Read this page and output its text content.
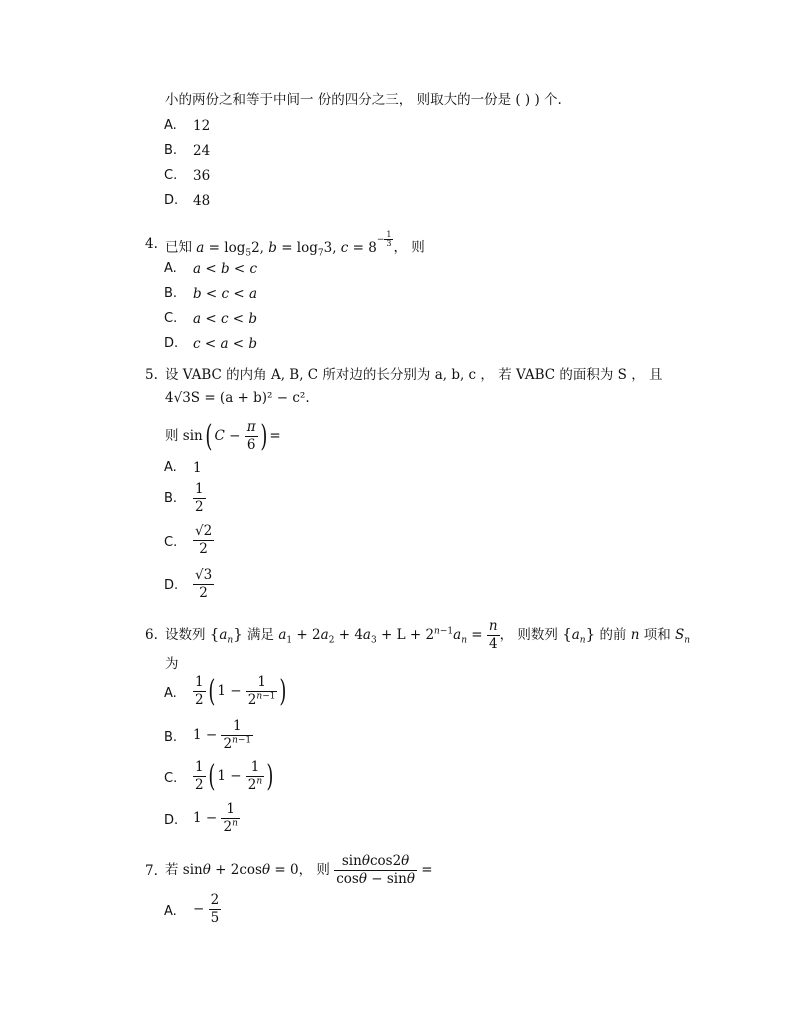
小的两份之和等于中间一 份的四分之三， 则取大的一份是 ( ) ) 个.
A. 12
B. 24
C. 36
D. 48
4. 已知 $a = \log_52$, $b = \log_73$, $c = 8^{- \frac{1}{3}}$ ， 则
A. a < b < c
B. b < c < a
C. a < c < b
D. c < a < b
5. 设 VABC 的内角 A, B, C 所对边的长分别为 a, b, c ， 若 VABC 的面积为 S ， 且
4√3S = (a + b)² − c².
则 sin( $C - \frac{\pi}{6}$ ) =
A. 1
B. $\frac{1}{2}$
C. $\frac{√2}{2}$
D. $\frac{√3}{2}$
6. 设数列 $\{a_n\}$ 满足 $a_1 + 2a_2 + 4a_3 + L + 2^{n-1}a_n = \frac{n}{4}$ ， 则数列 $\{a_n\}$ 的前 n 项和 $S_n$
为
A. $\frac{1}{2}$ ( $1 - \frac{1}{2^{n-1}}$ )
B. $1 - \frac{1}{2^{n-1}}$
C. $\frac{1}{2}$ ( $1 - \frac{1}{2^n}$ )
D. $1 - \frac{1}{2^n}$
7. 若 sinθ + 2cosθ = 0， 则 $\frac{\sin\theta\cos 2\theta}{\cos\theta - \sin\theta}$ =
A. − $\frac{2}{5}$
